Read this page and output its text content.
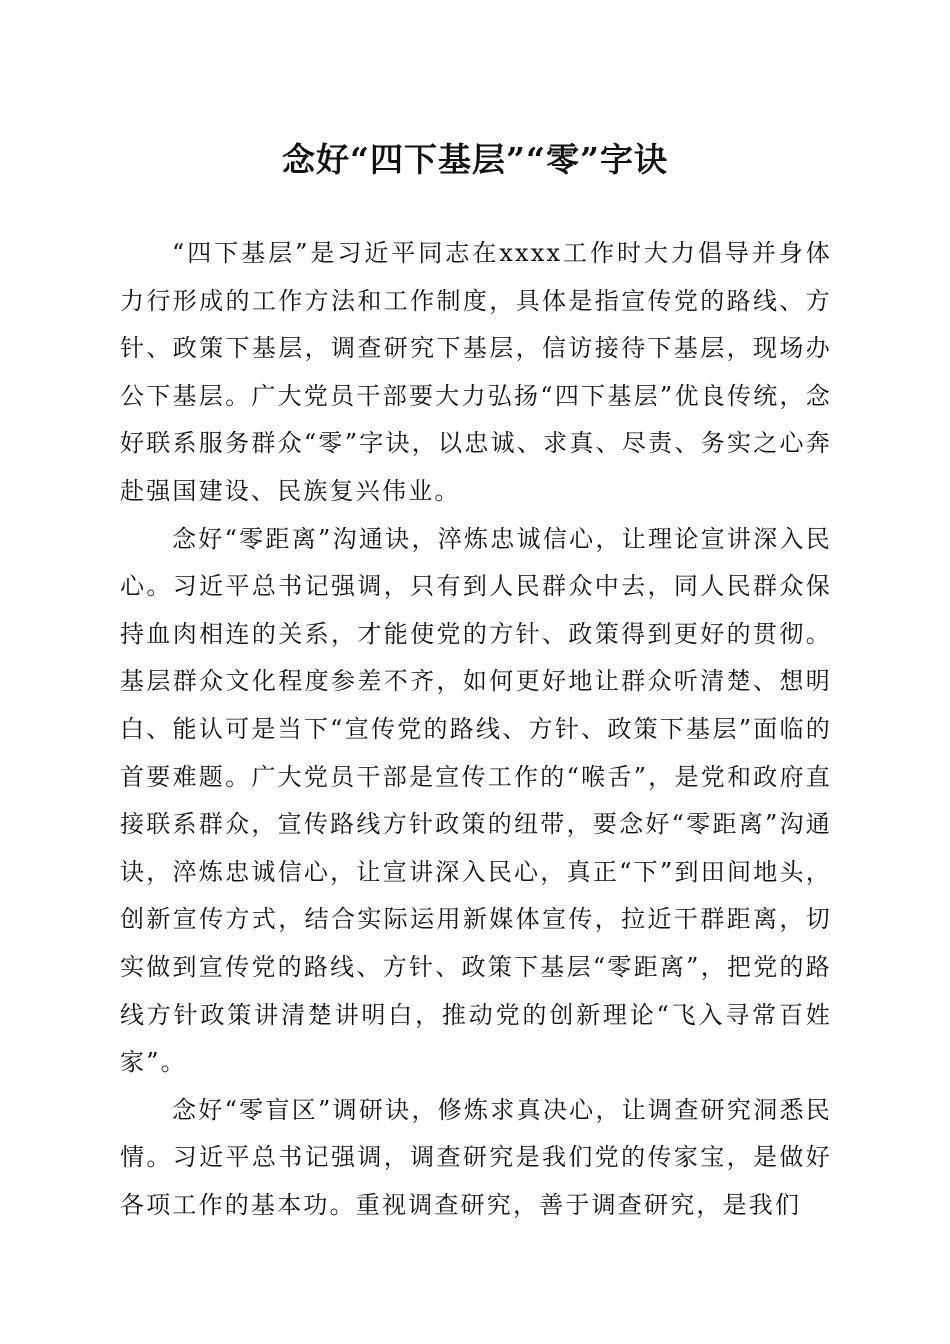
念好“四下基层”“零”字诀

“四下基层”是习近平同志在xxxx工作时大力倡导并身体力行形成的工作方法和工作制度，具体是指宣传党的路线、方针、政策下基层，调查研究下基层，信访接待下基层，现场办公下基层。广大党员干部要大力弘扬“四下基层”优良传统，念好联系服务群众“零”字诀，以忠诚、求真、尽责、务实之心奔赴强国建设、民族复兴伟业。

念好“零距离”沟通诀，淬炼忠诚信心，让理论宣讲深入民心。习近平总书记强调，只有到人民群众中去，同人民群众保持血肉相连的关系，才能使党的方针、政策得到更好的贯彻。基层群众文化程度参差不齐，如何更好地让群众听清楚、想明白、能认可是当下“宣传党的路线、方针、政策下基层”面临的首要难题。广大党员干部是宣传工作的“喉舌”，是党和政府直接联系群众，宣传路线方针政策的纽带，要念好“零距离”沟通诀，淬炼忠诚信心，让宣讲深入民心，真正“下”到田间地头，创新宣传方式，结合实际运用新媒体宣传，拉近干群距离，切实做到宣传党的路线、方针、政策下基层“零距离”，把党的路线方针政策讲清楚讲明白，推动党的创新理论“飞入寻常百姓家”。

念好“零盲区”调研诀，修炼求真决心，让调查研究洞悉民情。习近平总书记强调，调查研究是我们党的传家宝，是做好各项工作的基本功。重视调查研究，善于调查研究，是我们
